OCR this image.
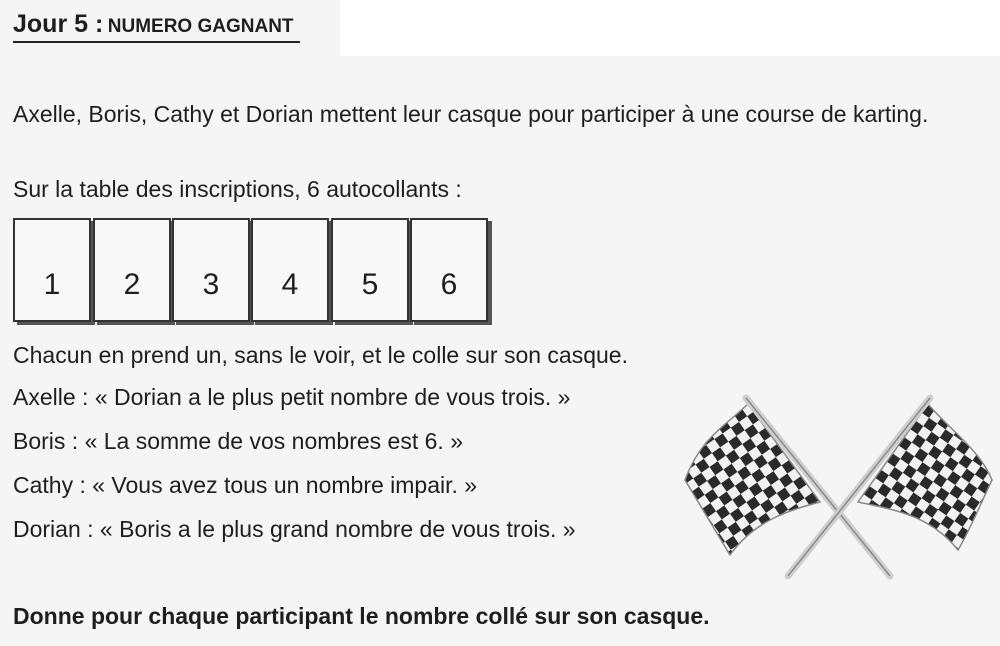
Jour 5 : NUMERO GAGNANT
Axelle, Boris, Cathy et Dorian mettent leur casque pour participer à une course de karting.
Sur la table des inscriptions, 6 autocollants :
1	2	3	4	5	6
Chacun en prend un, sans le voir, et le colle sur son casque.
Axelle : « Dorian a le plus petit nombre de vous trois. »
Boris : « La somme de vos nombres est 6. »
Cathy : « Vous avez tous un nombre impair. »
Dorian : « Boris a le plus grand nombre de vous trois. »
Donne pour chaque participant le nombre collé sur son casque.
